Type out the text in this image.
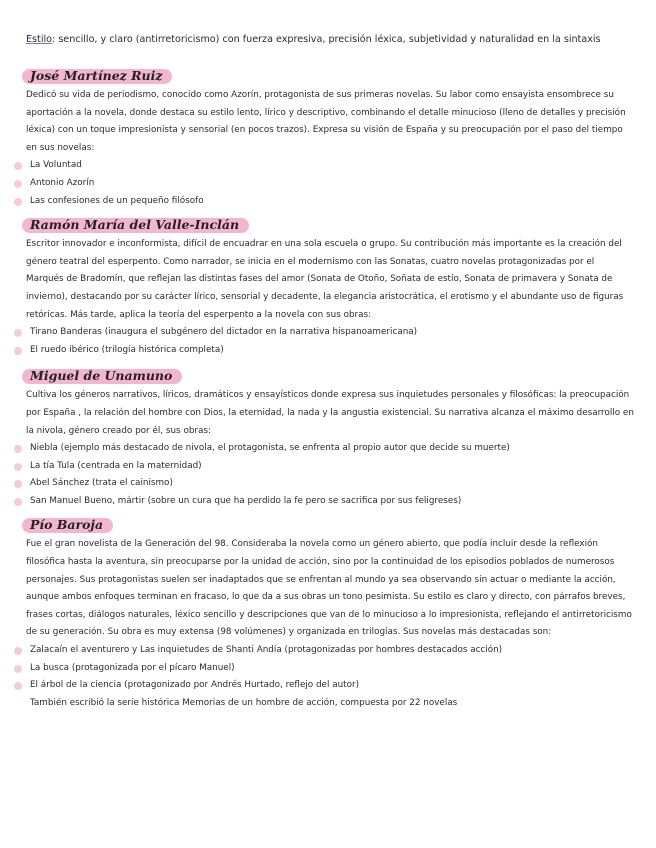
Estilo: sencillo, y claro (antirretoricismo) con fuerza expresiva, precisión léxica, subjetividad y naturalidad en la sintaxis
José Martínez Ruiz

Dedicó su vida de periodismo, conocido como Azorín, protagonista de sus primeras novelas. Su labor como ensayista ensombrece su aportación a la novela, donde destaca su estilo lento, lírico y descriptivo, combinando el detalle minucioso (lleno de detalles y precisión léxica) con un toque impresionista y sensorial (en pocos trazos). Expresa su visión de España y su preocupación por el paso del tiempo en sus novelas:

La Voluntad
Antonio Azorín
Las confesiones de un pequeño filósofo
Ramón María del Valle-Inclán

Escritor innovador e inconformista, difícil de encuadrar en una sola escuela o grupo. Su contribución más importante es la creación del género teatral del esperpento. Como narrador, se inicia en el modernismo con las Sonatas, cuatro novelas protagonizadas por el Marqués de Bradomín, que reflejan las distintas fases del amor (Sonata de Otoño, Soñata de estío, Sonata de primavera y Sonata de invierno), destacando por su carácter lírico, sensorial y decadente, la elegancia aristocrática, el erotismo y el abundante uso de figuras retóricas. Más tarde, aplica la teoría del esperpento a la novela con sus obras:

Tirano Banderas (inaugura el subgénero del dictador en la narrativa hispanoamericana)
El ruedo ibérico (trilogía histórica completa)
Miguel de Unamuno

Cultiva los géneros narrativos, líricos, dramáticos y ensayísticos donde expresa sus inquietudes personales y filosóficas: la preocupación por España , la relación del hombre con Dios, la eternidad, la nada y la angustia existencial. Su narrativa alcanza el máximo desarrollo en la nivola, género creado por él, sus obras:

Niebla (ejemplo más destacado de nivola, el protagonista, se enfrenta al propio autor que decide su muerte)
La tía Tula (centrada en la maternidad)
Abel Sánchez (trata el cainismo)
San Manuel Bueno, mártir (sobre un cura que ha perdido la fe pero se sacrifica por sus feligreses)
Pío Baroja

Fue el gran novelista de la Generación del 98. Consideraba la novela como un género abierto, que podía incluir desde la reflexión filosófica hasta la aventura, sin preocuparse por la unidad de acción, sino por la continuidad de los episodios poblados de numerosos personajes. Sus protagonistas suelen ser inadaptados que se enfrentan al mundo ya sea observando sin actuar o mediante la acción, aunque ambos enfoques terminan en fracaso, lo que da a sus obras un tono pesimista. Su estilo es claro y directo, con párrafos breves, frases cortas, diálogos naturales, léxico sencillo y descripciones que van de lo minucioso a lo impresionista, reflejando el antirretoricismo de su generación. Su obra es muy extensa (98 volúmenes) y organizada en trilogías. Sus novelas más destacadas son:

Zalacaín el aventurero y Las inquietudes de Shanti Andía (protagonizadas por hombres destacados acción)
La busca (protagonizada por el pícaro Manuel)
El árbol de la ciencia (protagonizado por Andrés Hurtado, reflejo del autor)
También escribió la serie histórica Memorias de un hombre de acción, compuesta por 22 novelas
